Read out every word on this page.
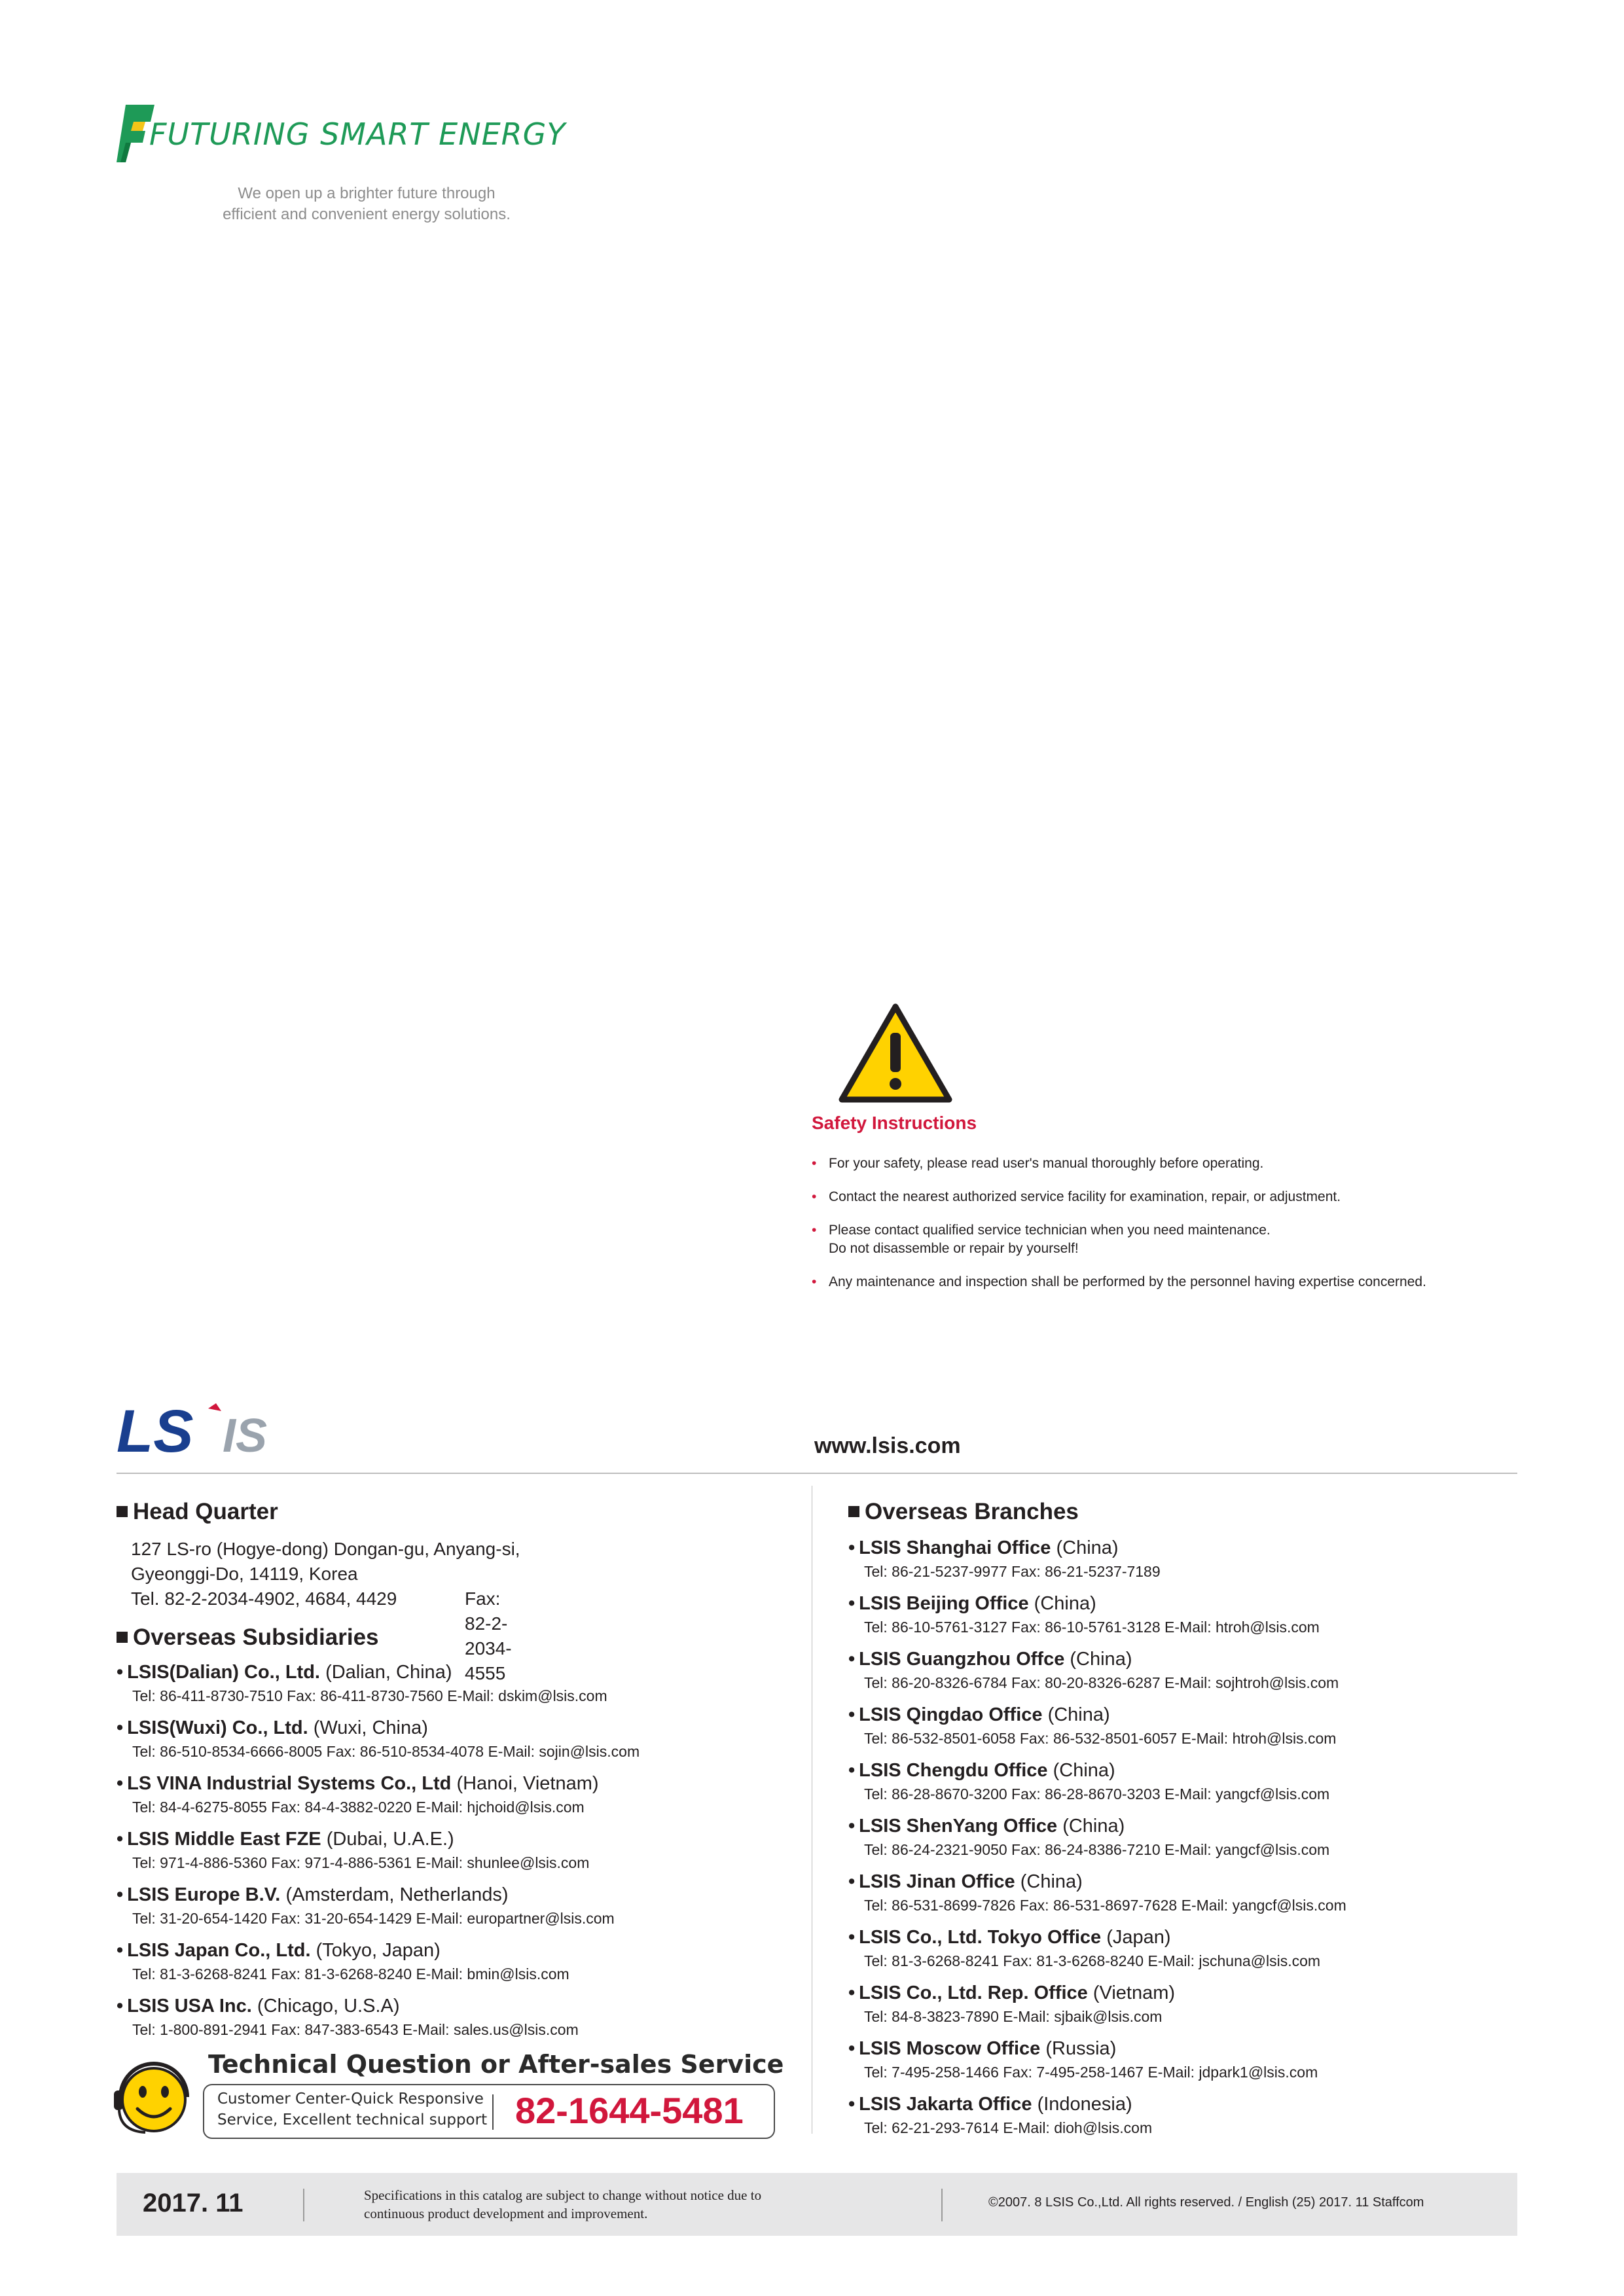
FUTURING SMART ENERGY
We open up a brighter future through
efficient and convenient energy solutions.
Safety Instructions
• For your safety, please read user's manual thoroughly before operating.
• Contact the nearest authorized service facility for examination, repair, or adjustment.
• Please contact qualified service technician when you need maintenance.
Do not disassemble or repair by yourself!
• Any maintenance and inspection shall be performed by the personnel having expertise concerned.
LS IS	www.lsis.com
Head Quarter
127 LS-ro (Hogye-dong) Dongan-gu, Anyang-si,
Gyeonggi-Do, 14119, Korea
Tel. 82-2-2034-4902, 4684, 4429	Fax: 82-2-2034-4555
Overseas Subsidiaries
• LSIS(Dalian) Co., Ltd. (Dalian, China)
Tel: 86-411-8730-7510 Fax: 86-411-8730-7560 E-Mail: dskim@lsis.com
• LSIS(Wuxi) Co., Ltd. (Wuxi, China)
Tel: 86-510-8534-6666-8005 Fax: 86-510-8534-4078 E-Mail: sojin@lsis.com
• LS VINA Industrial Systems Co., Ltd (Hanoi, Vietnam)
Tel: 84-4-6275-8055 Fax: 84-4-3882-0220 E-Mail: hjchoid@lsis.com
• LSIS Middle East FZE (Dubai, U.A.E.)
Tel: 971-4-886-5360 Fax: 971-4-886-5361 E-Mail: shunlee@lsis.com
• LSIS Europe B.V. (Amsterdam, Netherlands)
Tel: 31-20-654-1420 Fax: 31-20-654-1429 E-Mail: europartner@lsis.com
• LSIS Japan Co., Ltd. (Tokyo, Japan)
Tel: 81-3-6268-8241 Fax: 81-3-6268-8240 E-Mail: bmin@lsis.com
• LSIS USA Inc. (Chicago, U.S.A)
Tel: 1-800-891-2941 Fax: 847-383-6543 E-Mail: sales.us@lsis.com
Overseas Branches
• LSIS Shanghai Office (China)
Tel: 86-21-5237-9977 Fax: 86-21-5237-7189
• LSIS Beijing Office (China)
Tel: 86-10-5761-3127 Fax: 86-10-5761-3128 E-Mail: htroh@lsis.com
• LSIS Guangzhou Offce (China)
Tel: 86-20-8326-6784 Fax: 80-20-8326-6287 E-Mail: sojhtroh@lsis.com
• LSIS Qingdao Office (China)
Tel: 86-532-8501-6058 Fax: 86-532-8501-6057 E-Mail: htroh@lsis.com
• LSIS Chengdu Office (China)
Tel: 86-28-8670-3200 Fax: 86-28-8670-3203 E-Mail: yangcf@lsis.com
• LSIS ShenYang Office (China)
Tel: 86-24-2321-9050 Fax: 86-24-8386-7210 E-Mail: yangcf@lsis.com
• LSIS Jinan Office (China)
Tel: 86-531-8699-7826 Fax: 86-531-8697-7628 E-Mail: yangcf@lsis.com
• LSIS Co., Ltd. Tokyo Office (Japan)
Tel: 81-3-6268-8241 Fax: 81-3-6268-8240 E-Mail: jschuna@lsis.com
• LSIS Co., Ltd. Rep. Office (Vietnam)
Tel: 84-8-3823-7890 E-Mail: sjbaik@lsis.com
• LSIS Moscow Office (Russia)
Tel: 7-495-258-1466 Fax: 7-495-258-1467 E-Mail: jdpark1@lsis.com
• LSIS Jakarta Office (Indonesia)
Tel: 62-21-293-7614 E-Mail: dioh@lsis.com
Technical Question or After-sales Service
Customer Center-Quick Responsive
Service, Excellent technical support 82-1644-5481
2017. 11	Specifications in this catalog are subject to change without notice due to
continuous product development and improvement.
©2007. 8 LSIS Co.,Ltd. All rights reserved. / English (25) 2017. 11 Staffcom
